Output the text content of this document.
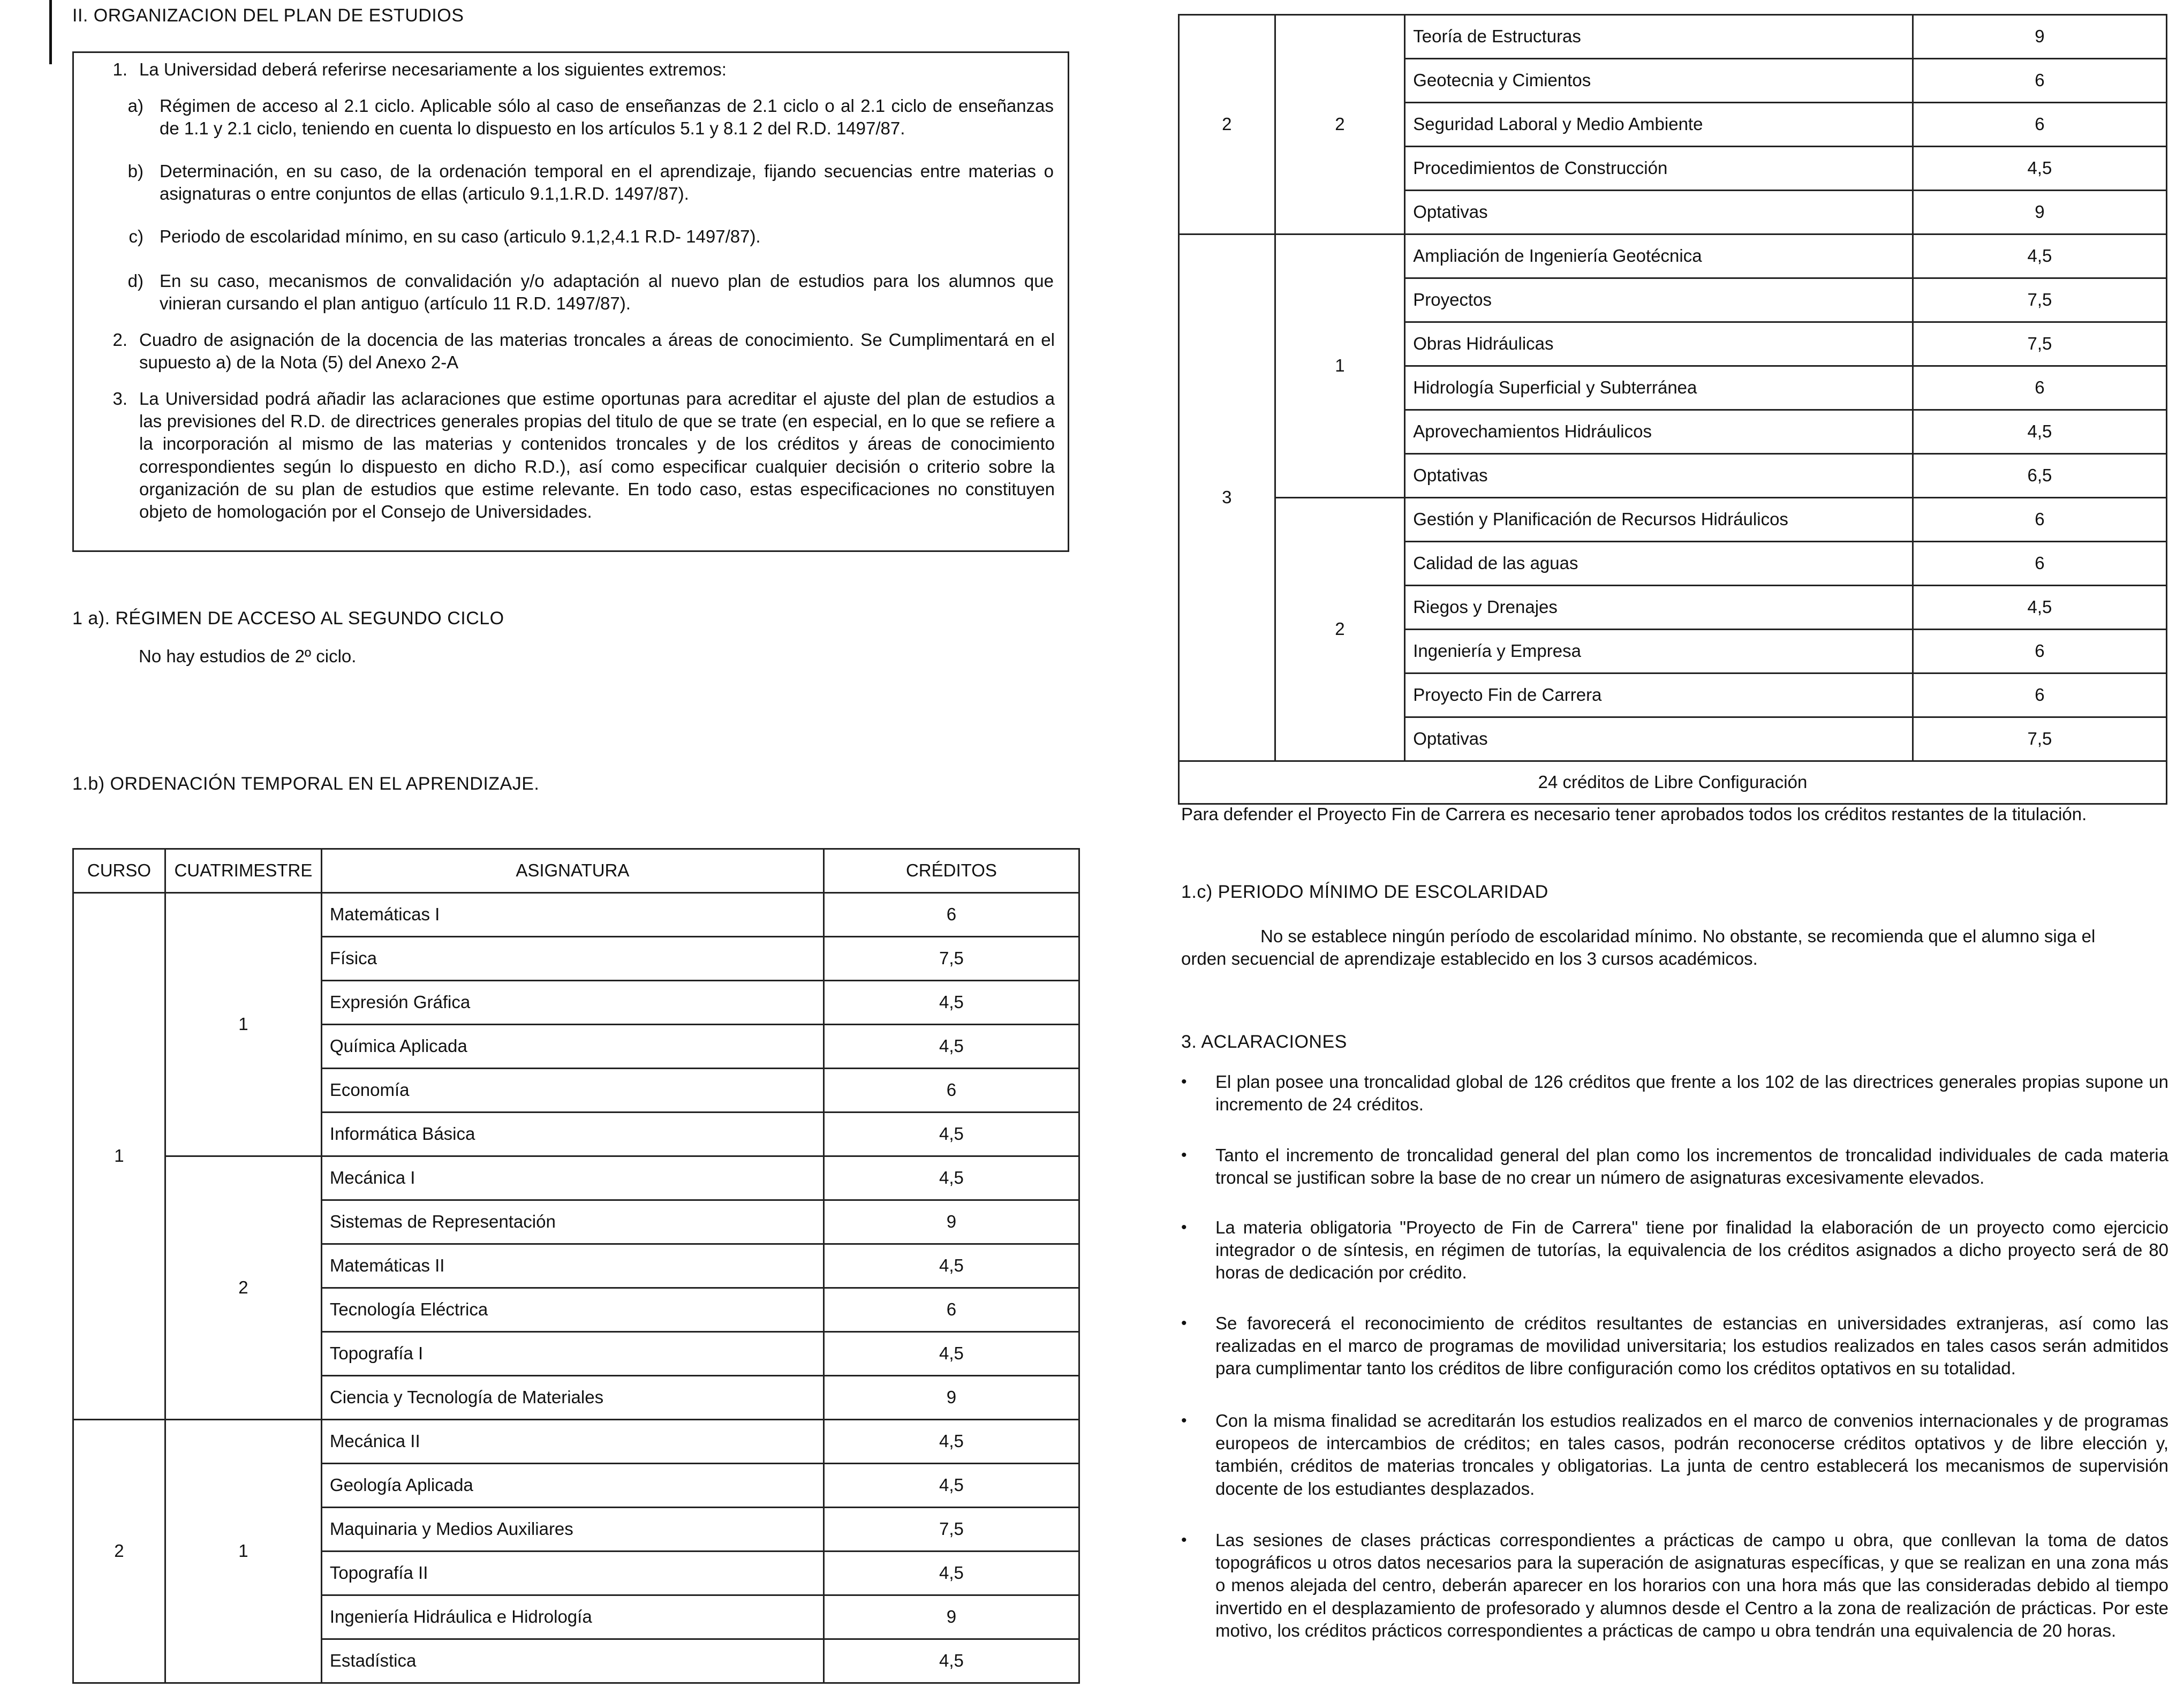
II. ORGANIZACION DEL PLAN DE ESTUDIOS
1. La Universidad deberá referirse necesariamente a los siguientes extremos:
a) Régimen de acceso al 2.1 ciclo. Aplicable sólo al caso de enseñanzas de 2.1 ciclo o al 2.1 ciclo de enseñanzas de 1.1 y 2.1 ciclo, teniendo en cuenta lo dispuesto en los artículos 5.1 y 8.1 2 del R.D. 1497/87.
b) Determinación, en su caso, de la ordenación temporal en el aprendizaje, fijando secuencias entre materias o asignaturas o entre conjuntos de ellas (articulo 9.1,1.R.D. 1497/87).
c) Periodo de escolaridad mínimo, en su caso (articulo 9.1,2,4.1 R.D- 1497/87).
d) En su caso, mecanismos de convalidación y/o adaptación al nuevo plan de estudios para los alumnos que vinieran cursando el plan antiguo (artículo 11 R.D. 1497/87).
2. Cuadro de asignación de la docencia de las materias troncales a áreas de conocimiento. Se Cumplimentará en el supuesto a) de la Nota (5) del Anexo 2-A
3. La Universidad podrá añadir las aclaraciones que estime oportunas para acreditar el ajuste del plan de estudios a las previsiones del R.D. de directrices generales propias del titulo de que se trate (en especial, en lo que se refiere a la incorporación al mismo de las materias y contenidos troncales y de los créditos y áreas de conocimiento correspondientes según lo dispuesto en dicho R.D.), así como especificar cualquier decisión o criterio sobre la organización de su plan de estudios que estime relevante. En todo caso, estas especificaciones no constituyen objeto de homologación por el Consejo de Universidades.
1 a). RÉGIMEN DE ACCESO AL SEGUNDO CICLO
No hay estudios de 2º ciclo.
1.b) ORDENACIÓN TEMPORAL EN EL APRENDIZAJE.
CURSO	CUATRIMESTRE	ASIGNATURA	CRÉDITOS
1	1	Matemáticas I	6
		Física	7,5
		Expresión Gráfica	4,5
		Química Aplicada	4,5
		Economía	6
		Informática Básica	4,5
	2	Mecánica I	4,5
		Sistemas de Representación	9
		Matemáticas II	4,5
		Tecnología Eléctrica	6
		Topografía I	4,5
		Ciencia y Tecnología de Materiales	9
2	1	Mecánica II	4,5
		Geología Aplicada	4,5
		Maquinaria y Medios Auxiliares	7,5
		Topografía II	4,5
		Ingeniería Hidráulica e Hidrología	9
		Estadística	4,5
2	2	Teoría de Estructuras	9
		Geotecnia y Cimientos	6
		Seguridad Laboral y Medio Ambiente	6
		Procedimientos de Construcción	4,5
		Optativas	9
3	1	Ampliación de Ingeniería Geotécnica	4,5
		Proyectos	7,5
		Obras Hidráulicas	7,5
		Hidrología Superficial y Subterránea	6
		Aprovechamientos Hidráulicos	4,5
		Optativas	6,5
	2	Gestión y Planificación de Recursos Hidráulicos	6
		Calidad de las aguas	6
		Riegos y Drenajes	4,5
		Ingeniería y Empresa	6
		Proyecto Fin de Carrera	6
		Optativas	7,5
24 créditos de Libre Configuración			
Para defender el Proyecto Fin de Carrera es necesario tener aprobados todos los créditos restantes de la titulación.
1.c) PERIODO MÍNIMO DE ESCOLARIDAD
No se establece ningún período de escolaridad mínimo. No obstante, se recomienda que el alumno siga el orden secuencial de aprendizaje establecido en los 3 cursos académicos.
3. ACLARACIONES
• El plan posee una troncalidad global de 126 créditos que frente a los 102 de las directrices generales propias supone un incremento de 24 créditos.
• Tanto el incremento de troncalidad general del plan como los incrementos de troncalidad individuales de cada materia troncal se justifican sobre la base de no crear un número de asignaturas excesivamente elevados.
• La materia obligatoria "Proyecto de Fin de Carrera" tiene por finalidad la elaboración de un proyecto como ejercicio integrador o de síntesis, en régimen de tutorías, la equivalencia de los créditos asignados a dicho proyecto será de 80 horas de dedicación por crédito.
• Se favorecerá el reconocimiento de créditos resultantes de estancias en universidades extranjeras, así como las realizadas en el marco de programas de movilidad universitaria; los estudios realizados en tales casos serán admitidos para cumplimentar tanto los créditos de libre configuración como los créditos optativos en su totalidad.
• Con la misma finalidad se acreditarán los estudios realizados en el marco de convenios internacionales y de programas europeos de intercambios de créditos; en tales casos, podrán reconocerse créditos optativos y de libre elección y, también, créditos de materias troncales y obligatorias. La junta de centro establecerá los mecanismos de supervisión docente de los estudiantes desplazados.
• Las sesiones de clases prácticas correspondientes a prácticas de campo u obra, que conllevan la toma de datos topográficos u otros datos necesarios para la superación de asignaturas específicas, y que se realizan en una zona más o menos alejada del centro, deberán aparecer en los horarios con una hora más que las consideradas debido al tiempo invertido en el desplazamiento de profesorado y alumnos desde el Centro a la zona de realización de prácticas. Por este motivo, los créditos prácticos correspondientes a prácticas de campo u obra tendrán una equivalencia de 20 horas.
